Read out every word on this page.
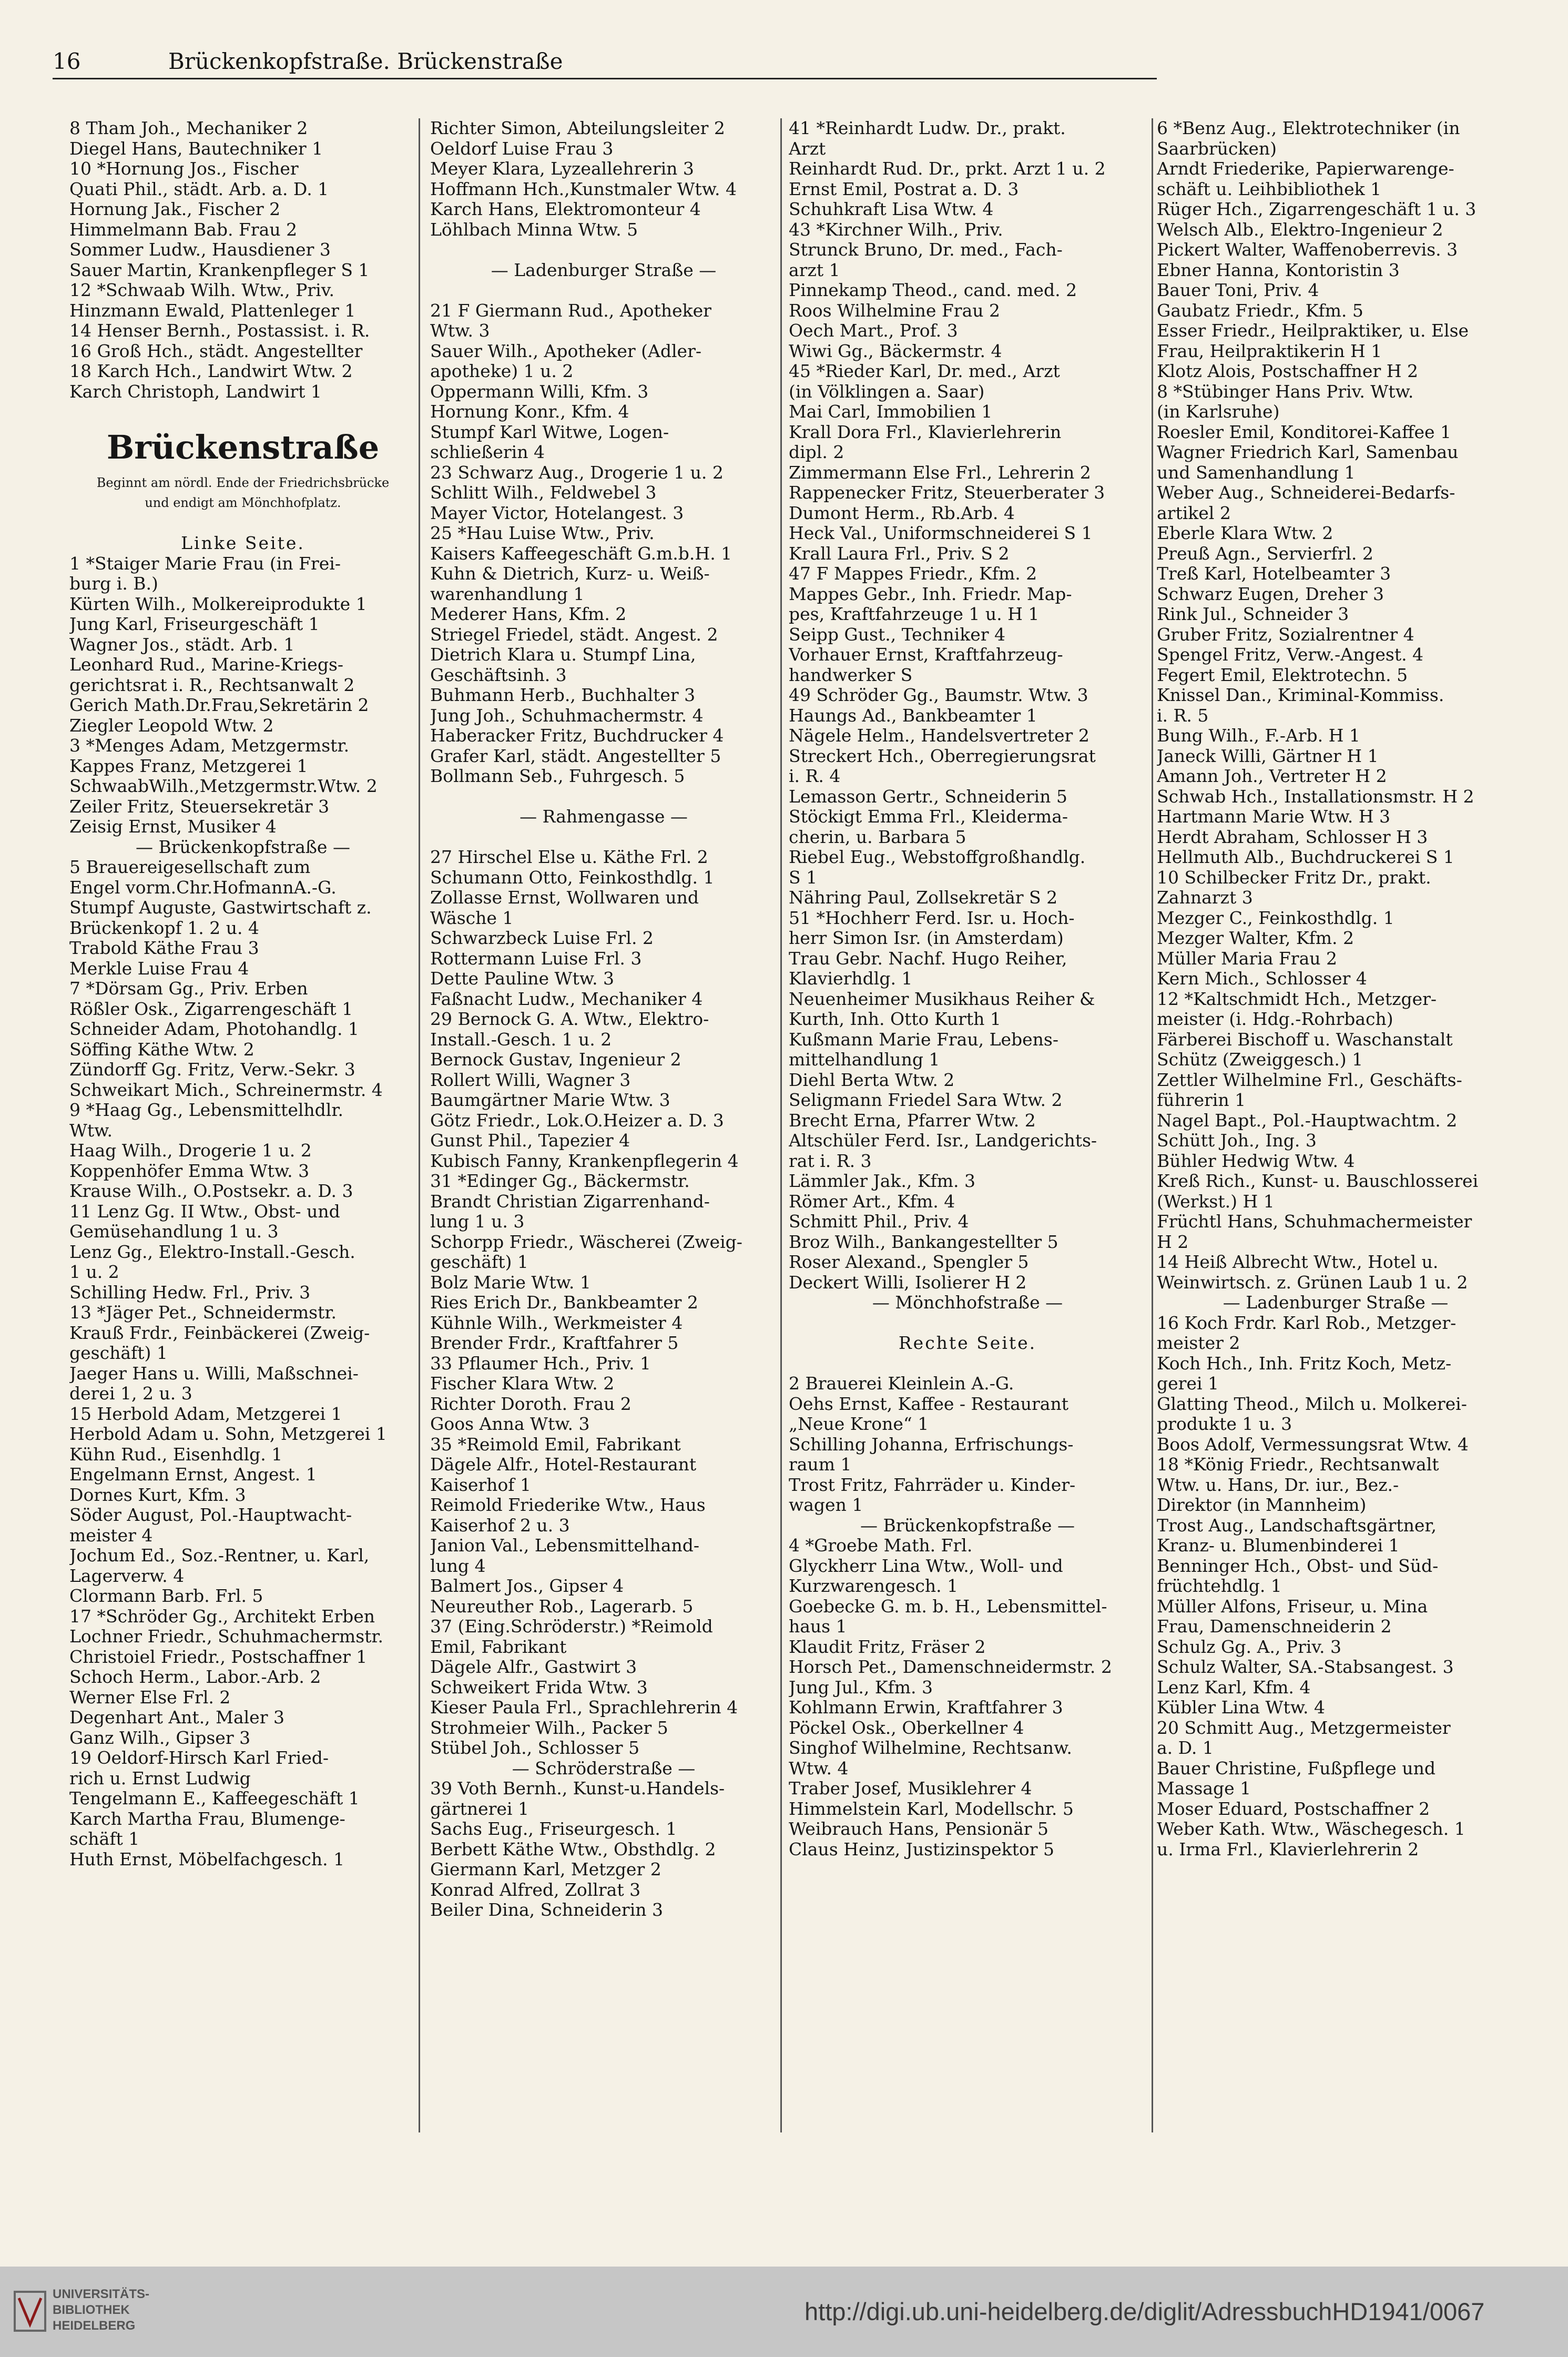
16	Brückenkopfstraße. Brückenstraße
8 Tham Joh., Mechaniker 2
Diegel Hans, Bautechniker 1
10 *Hornung Jos., Fischer
Quati Phil., städt. Arb. a. D. 1
Hornung Jak., Fischer 2
Himmelmann Bab. Frau 2
Sommer Ludw., Hausdiener 3
Sauer Martin, Krankenpfleger S 1
12 *Schwaab Wilh. Wtw., Priv.
Hinzmann Ewald, Plattenleger 1
14 Henser Bernh., Postassist. i. R.
16 Groß Hch., städt. Angestellter
18 Karch Hch., Landwirt Wtw. 2
Karch Christoph, Landwirt 1

Brückenstraße
Beginnt am nördl. Ende der Friedrichsbrücke
und endigt am Mönchhofplatz.

Linke Seite.
1 *Staiger Marie Frau (in Frei-
burg i. B.)
Kürten Wilh., Molkereiprodukte 1
Jung Karl, Friseurgeschäft 1
Wagner Jos., städt. Arb. 1
Leonhard Rud., Marine-Kriegs-
gerichtsrat i. R., Rechtsanwalt 2
Gerich Math.Dr.Frau,Sekretärin 2
Ziegler Leopold Wtw. 2
3 *Menges Adam, Metzgermstr.
Kappes Franz, Metzgerei 1
SchwaabWilh.,Metzgermstr.Wtw. 2
Zeiler Fritz, Steuersekretär 3
Zeisig Ernst, Musiker 4
— Brückenkopfstraße —
5 Brauereigesellschaft zum
Engel vorm.Chr.HofmannA.-G.
Stumpf Auguste, Gastwirtschaft z.
Brückenkopf 1. 2 u. 4
Trabold Käthe Frau 3
Merkle Luise Frau 4
7 *Dörsam Gg., Priv. Erben
Rößler Osk., Zigarrengeschäft 1
Schneider Adam, Photohandlg. 1
Söffing Käthe Wtw. 2
Zündorff Gg. Fritz, Verw.-Sekr. 3
Schweikart Mich., Schreinermstr. 4
9 *Haag Gg., Lebensmittelhdlr.
Wtw.
Haag Wilh., Drogerie 1 u. 2
Koppenhöfer Emma Wtw. 3
Krause Wilh., O.Postsekr. a. D. 3
11 Lenz Gg. II Wtw., Obst- und
Gemüsehandlung 1 u. 3
Lenz Gg., Elektro-Install.-Gesch.
1 u. 2
Schilling Hedw. Frl., Priv. 3
13 *Jäger Pet., Schneidermstr.
Krauß Frdr., Feinbäckerei (Zweig-
geschäft) 1
Jaeger Hans u. Willi, Maßschnei-
derei 1, 2 u. 3
15 Herbold Adam, Metzgerei 1
Herbold Adam u. Sohn, Metzgerei 1
Kühn Rud., Eisenhdlg. 1
Engelmann Ernst, Angest. 1
Dornes Kurt, Kfm. 3
Söder August, Pol.-Hauptwacht-
meister 4
Jochum Ed., Soz.-Rentner, u. Karl,
Lagerverw. 4
Clormann Barb. Frl. 5
17 *Schröder Gg., Architekt Erben
Lochner Friedr., Schuhmachermstr.
Christoiel Friedr., Postschaffner 1
Schoch Herm., Labor.-Arb. 2
Werner Else Frl. 2
Degenhart Ant., Maler 3
Ganz Wilh., Gipser 3
19 Oeldorf-Hirsch Karl Fried-
rich u. Ernst Ludwig
Tengelmann E., Kaffeegeschäft 1
Karch Martha Frau, Blumenge-
schäft 1
Huth Ernst, Möbelfachgesch. 1
Richter Simon, Abteilungsleiter 2
Oeldorf Luise Frau 3
Meyer Klara, Lyzeallehrerin 3
Hoffmann Hch.,Kunstmaler Wtw. 4
Karch Hans, Elektromonteur 4
Löhlbach Minna Wtw. 5

— Ladenburger Straße —

21 F Giermann Rud., Apotheker
Wtw. 3
Sauer Wilh., Apotheker (Adler-
apotheke) 1 u. 2
Oppermann Willi, Kfm. 3
Hornung Konr., Kfm. 4
Stumpf Karl Witwe, Logen-
schließerin 4
23 Schwarz Aug., Drogerie 1 u. 2
Schlitt Wilh., Feldwebel 3
Mayer Victor, Hotelangest. 3
25 *Hau Luise Wtw., Priv.
Kaisers Kaffeegeschäft G.m.b.H. 1
Kuhn & Dietrich, Kurz- u. Weiß-
warenhandlung 1
Mederer Hans, Kfm. 2
Striegel Friedel, städt. Angest. 2
Dietrich Klara u. Stumpf Lina,
Geschäftsinh. 3
Buhmann Herb., Buchhalter 3
Jung Joh., Schuhmachermstr. 4
Haberacker Fritz, Buchdrucker 4
Grafer Karl, städt. Angestellter 5
Bollmann Seb., Fuhrgesch. 5

— Rahmengasse —

27 Hirschel Else u. Käthe Frl. 2
Schumann Otto, Feinkosthdlg. 1
Zollasse Ernst, Wollwaren und
Wäsche 1
Schwarzbeck Luise Frl. 2
Rottermann Luise Frl. 3
Dette Pauline Wtw. 3
Faßnacht Ludw., Mechaniker 4
29 Bernock G. A. Wtw., Elektro-
Install.-Gesch. 1 u. 2
Bernock Gustav, Ingenieur 2
Rollert Willi, Wagner 3
Baumgärtner Marie Wtw. 3
Götz Friedr., Lok.O.Heizer a. D. 3
Gunst Phil., Tapezier 4
Kubisch Fanny, Krankenpflegerin 4
31 *Edinger Gg., Bäckermstr.
Brandt Christian Zigarrenhand-
lung 1 u. 3
Schorpp Friedr., Wäscherei (Zweig-
geschäft) 1
Bolz Marie Wtw. 1
Ries Erich Dr., Bankbeamter 2
Kühnle Wilh., Werkmeister 4
Brender Frdr., Kraftfahrer 5
33 Pflaumer Hch., Priv. 1
Fischer Klara Wtw. 2
Richter Doroth. Frau 2
Goos Anna Wtw. 3
35 *Reimold Emil, Fabrikant
Dägele Alfr., Hotel-Restaurant
Kaiserhof 1
Reimold Friederike Wtw., Haus
Kaiserhof 2 u. 3
Janion Val., Lebensmittelhand-
lung 4
Balmert Jos., Gipser 4
Neureuther Rob., Lagerarb. 5
37 (Eing.Schröderstr.) *Reimold
Emil, Fabrikant
Dägele Alfr., Gastwirt 3
Schweikert Frida Wtw. 3
Kieser Paula Frl., Sprachlehrerin 4
Strohmeier Wilh., Packer 5
Stübel Joh., Schlosser 5
— Schröderstraße —
39 Voth Bernh., Kunst-u.Handels-
gärtnerei 1
Sachs Eug., Friseurgesch. 1
Berbett Käthe Wtw., Obsthdlg. 2
Giermann Karl, Metzger 2
Konrad Alfred, Zollrat 3
Beiler Dina, Schneiderin 3
41 *Reinhardt Ludw. Dr., prakt.
Arzt
Reinhardt Rud. Dr., prkt. Arzt 1 u. 2
Ernst Emil, Postrat a. D. 3
Schuhkraft Lisa Wtw. 4
43 *Kirchner Wilh., Priv.
Strunck Bruno, Dr. med., Fach-
arzt 1
Pinnekamp Theod., cand. med. 2
Roos Wilhelmine Frau 2
Oech Mart., Prof. 3
Wiwi Gg., Bäckermstr. 4
45 *Rieder Karl, Dr. med., Arzt
(in Völklingen a. Saar)
Mai Carl, Immobilien 1
Krall Dora Frl., Klavierlehrerin
dipl. 2
Zimmermann Else Frl., Lehrerin 2
Rappenecker Fritz, Steuerberater 3
Dumont Herm., Rb.Arb. 4
Heck Val., Uniformschneiderei S 1
Krall Laura Frl., Priv. S 2
47 F Mappes Friedr., Kfm. 2
Mappes Gebr., Inh. Friedr. Map-
pes, Kraftfahrzeuge 1 u. H 1
Seipp Gust., Techniker 4
Vorhauer Ernst, Kraftfahrzeug-
handwerker S
49 Schröder Gg., Baumstr. Wtw. 3
Haungs Ad., Bankbeamter 1
Nägele Helm., Handelsvertreter 2
Streckert Hch., Oberregierungsrat
i. R. 4
Lemasson Gertr., Schneiderin 5
Stöckigt Emma Frl., Kleiderma-
cherin, u. Barbara 5
Riebel Eug., Webstoffgroßhandlg.
S 1
Nähring Paul, Zollsekretär S 2
51 *Hochherr Ferd. Isr. u. Hoch-
herr Simon Isr. (in Amsterdam)
Trau Gebr. Nachf. Hugo Reiher,
Klavierhdlg. 1
Neuenheimer Musikhaus Reiher &
Kurth, Inh. Otto Kurth 1
Kußmann Marie Frau, Lebens-
mittelhandlung 1
Diehl Berta Wtw. 2
Seligmann Friedel Sara Wtw. 2
Brecht Erna, Pfarrer Wtw. 2
Altschüler Ferd. Isr., Landgerichts-
rat i. R. 3
Lämmler Jak., Kfm. 3
Römer Art., Kfm. 4
Schmitt Phil., Priv. 4
Broz Wilh., Bankangestellter 5
Roser Alexand., Spengler 5
Deckert Willi, Isolierer H 2
— Mönchhofstraße —

Rechte Seite.

2 Brauerei Kleinlein A.-G.
Oehs Ernst, Kaffee - Restaurant
„Neue Krone“ 1
Schilling Johanna, Erfrischungs-
raum 1
Trost Fritz, Fahrräder u. Kinder-
wagen 1
— Brückenkopfstraße —
4 *Groebe Math. Frl.
Glyckherr Lina Wtw., Woll- und
Kurzwarengesch. 1
Goebecke G. m. b. H., Lebensmittel-
haus 1
Klaudit Fritz, Fräser 2
Horsch Pet., Damenschneidermstr. 2
Jung Jul., Kfm. 3
Kohlmann Erwin, Kraftfahrer 3
Pöckel Osk., Oberkellner 4
Singhof Wilhelmine, Rechtsanw.
Wtw. 4
Traber Josef, Musiklehrer 4
Himmelstein Karl, Modellschr. 5
Weibrauch Hans, Pensionär 5
Claus Heinz, Justizinspektor 5
6 *Benz Aug., Elektrotechniker (in
Saarbrücken)
Arndt Friederike, Papierwarenge-
schäft u. Leihbibliothek 1
Rüger Hch., Zigarrengeschäft 1 u. 3
Welsch Alb., Elektro-Ingenieur 2
Pickert Walter, Waffenoberrevis. 3
Ebner Hanna, Kontoristin 3
Bauer Toni, Priv. 4
Gaubatz Friedr., Kfm. 5
Esser Friedr., Heilpraktiker, u. Else
Frau, Heilpraktikerin H 1
Klotz Alois, Postschaffner H 2
8 *Stübinger Hans Priv. Wtw.
(in Karlsruhe)
Roesler Emil, Konditorei-Kaffee 1
Wagner Friedrich Karl, Samenbau
und Samenhandlung 1
Weber Aug., Schneiderei-Bedarfs-
artikel 2
Eberle Klara Wtw. 2
Preuß Agn., Servierfrl. 2
Treß Karl, Hotelbeamter 3
Schwarz Eugen, Dreher 3
Rink Jul., Schneider 3
Gruber Fritz, Sozialrentner 4
Spengel Fritz, Verw.-Angest. 4
Fegert Emil, Elektrotechn. 5
Knissel Dan., Kriminal-Kommiss.
i. R. 5
Bung Wilh., F.-Arb. H 1
Janeck Willi, Gärtner H 1
Amann Joh., Vertreter H 2
Schwab Hch., Installationsmstr. H 2
Hartmann Marie Wtw. H 3
Herdt Abraham, Schlosser H 3
Hellmuth Alb., Buchdruckerei S 1
10 Schilbecker Fritz Dr., prakt.
Zahnarzt 3
Mezger C., Feinkosthdlg. 1
Mezger Walter, Kfm. 2
Müller Maria Frau 2
Kern Mich., Schlosser 4
12 *Kaltschmidt Hch., Metzger-
meister (i. Hdg.-Rohrbach)
Färberei Bischoff u. Waschanstalt
Schütz (Zweiggesch.) 1
Zettler Wilhelmine Frl., Geschäfts-
führerin 1
Nagel Bapt., Pol.-Hauptwachtm. 2
Schütt Joh., Ing. 3
Bühler Hedwig Wtw. 4
Kreß Rich., Kunst- u. Bauschlosserei
(Werkst.) H 1
Früchtl Hans, Schuhmachermeister
H 2
14 Heiß Albrecht Wtw., Hotel u.
Weinwirtsch. z. Grünen Laub 1 u. 2
— Ladenburger Straße —
16 Koch Frdr. Karl Rob., Metzger-
meister 2
Koch Hch., Inh. Fritz Koch, Metz-
gerei 1
Glatting Theod., Milch u. Molkerei-
produkte 1 u. 3
Boos Adolf, Vermessungsrat Wtw. 4
18 *König Friedr., Rechtsanwalt
Wtw. u. Hans, Dr. iur., Bez.-
Direktor (in Mannheim)
Trost Aug., Landschaftsgärtner,
Kranz- u. Blumenbinderei 1
Benninger Hch., Obst- und Süd-
früchtehdlg. 1
Müller Alfons, Friseur, u. Mina
Frau, Damenschneiderin 2
Schulz Gg. A., Priv. 3
Schulz Walter, SA.-Stabsangest. 3
Lenz Karl, Kfm. 4
Kübler Lina Wtw. 4
20 Schmitt Aug., Metzgermeister
a. D. 1
Bauer Christine, Fußpflege und
Massage 1
Moser Eduard, Postschaffner 2
Weber Kath. Wtw., Wäschegesch. 1
u. Irma Frl., Klavierlehrerin 2
UNIVERSITÄTS-
BIBLIOTHEK
HEIDELBERG
http://digi.ub.uni-heidelberg.de/diglit/AdressbuchHD1941/0067
